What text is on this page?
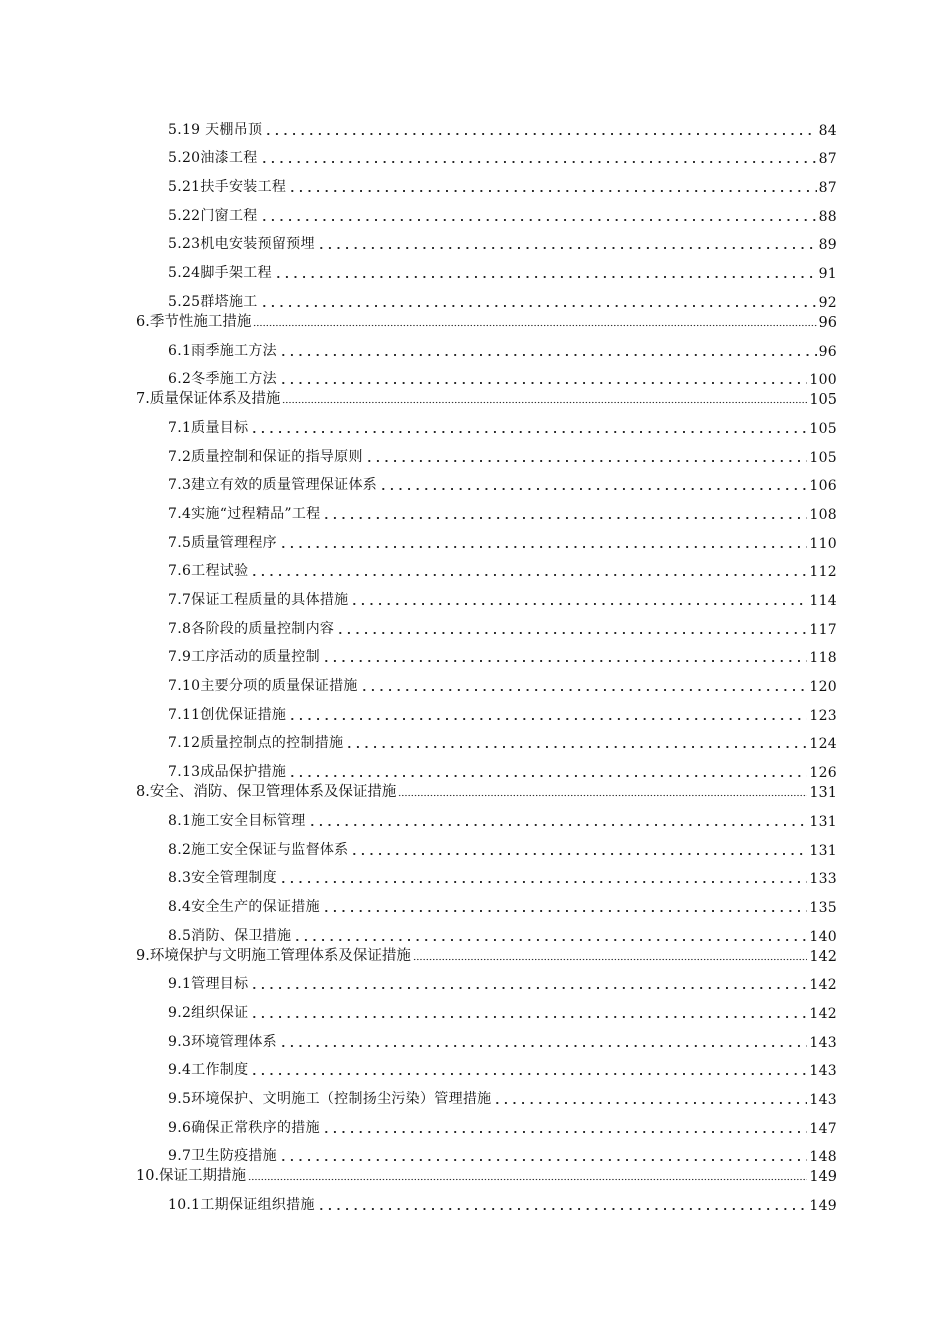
5.19 天棚吊顶	84
5.20油漆工程	87
5.21扶手安装工程	87
5.22门窗工程	88
5.23机电安装预留预埋	89
5.24脚手架工程	91
5.25群塔施工	92
6.季节性施工措施	96
6.1雨季施工方法	96
6.2冬季施工方法	100
7.质量保证体系及措施	105
7.1质量目标	105
7.2质量控制和保证的指导原则	105
7.3建立有效的质量管理保证体系	106
7.4实施“过程精品”工程	108
7.5质量管理程序	110
7.6工程试验	112
7.7保证工程质量的具体措施	114
7.8各阶段的质量控制内容	117
7.9工序活动的质量控制	118
7.10主要分项的质量保证措施	120
7.11创优保证措施	123
7.12质量控制点的控制措施	124
7.13成品保护措施	126
8.安全、消防、保卫管理体系及保证措施	131
8.1施工安全目标管理	131
8.2施工安全保证与监督体系	131
8.3安全管理制度	133
8.4安全生产的保证措施	135
8.5消防、保卫措施	140
9.环境保护与文明施工管理体系及保证措施	142
9.1管理目标	142
9.2组织保证	142
9.3环境管理体系	143
9.4工作制度	143
9.5环境保护、文明施工（控制扬尘污染）管理措施	143
9.6确保正常秩序的措施	147
9.7卫生防疫措施	148
10.保证工期措施	149
10.1工期保证组织措施	149
